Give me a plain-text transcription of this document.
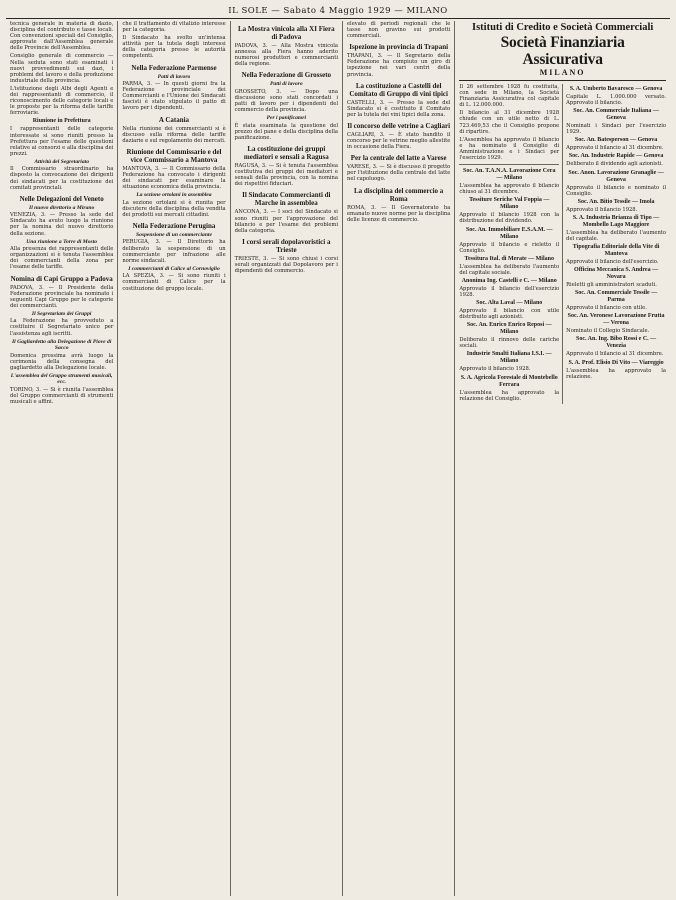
IL SOLE — Sabato 4 Maggio 1929 — MILANO

tecnica generale in materia di dazio, disciplina del contributo e tasse locali. Con convenzioni speciali del Consiglio, approvate dall'Assemblea generale delle Provincie dell'Assemblea.

Consiglio generale di commercio — Nella seduta sono stati esaminati i nuovi provvedimenti sui dazi, i problemi del lavoro e della produzione industriale della provincia.

L'istituzione degli Albi degli Agenti e dei rappresentanti di commercio, il riconoscimento delle categorie locali e le proposte per la riforma delle tariffe ferroviarie.

Riunione in Prefettura

I rappresentanti delle categorie interessate si sono riuniti presso la Prefettura per l'esame delle questioni relative ai consorzi e alla disciplina dei prezzi.

Attività del Segretariato

Il Commissario straordinario ha disposto la convocazione dei dirigenti dei sindacati per la costituzione dei comitati provinciali.

Nelle Delegazioni del Veneto
Il nuovo direttorio a Mirano

VENEZIA, 3. — Presso la sede del Sindacato ha avuto luogo la riunione per la nomina del nuovo direttorio della sezione.

Una riunione a Torre di Mosto

Alla presenza dei rappresentanti delle organizzazioni si è tenuta l'assemblea dei commercianti della zona per l'esame delle tariffe.

Nomina di Capi Gruppo a Padova

PADOVA, 3. — Il Presidente della Federazione provinciale ha nominato i seguenti Capi Gruppo per le categorie dei commercianti.

Il Segretariato dei Gruppi

La Federazione ha provveduto a costituire il Segretariato unico per l'assistenza agli iscritti.

Il Gagliardetto alla Delegazione di Piove di Sacco

Domenica prossima avrà luogo la cerimonia della consegna del gagliardetto alla Delegazione locale.

L'assemblea del Gruppo strumenti musicali, ecc.

TORINO, 3. — Si è riunita l'assemblea del Gruppo commercianti di strumenti musicali e affini.

che il trattamento di vitalizio interesse per la categoria.

Il Sindacato ha svolto un'intensa attività per la tutela degli interessi della categoria presso le autorità competenti.

Nella Federazione Parmense
Patti di lavoro

PARMA, 3. — In questi giorni fra la Federazione provinciale dei Commercianti e l'Unione dei Sindacati fascisti è stato stipulato il patto di lavoro per i dipendenti.

A Catania

Nella riunione dei commercianti si è discusso sulla riforma delle tariffe daziarie e sul regolamento dei mercati.

Riunione del Commissario e del vice Commissario a Mantova

MANTOVA, 3. — Il Commissario della Federazione ha convocato i dirigenti dei sindacati per esaminare la situazione economica della provincia.

La sezione ortolani in assemblea

La sezione ortolani si è riunita per discutere della disciplina della vendita dei prodotti sui mercati cittadini.

Nella Federazione Perugina
Sospensione di un commerciante

PERUGIA, 3. — Il Direttorio ha deliberato la sospensione di un commerciante per infrazione alle norme sindacali.

I commercianti di Calice al Cornoviglio

LA SPEZIA, 3. — Si sono riuniti i commercianti di Calice per la costituzione del gruppo locale.

La Mostra vinicola alla XI Fiera di Padova

PADOVA, 3. — Alla Mostra vinicola annessa alla Fiera hanno aderito numerosi produttori e commercianti della regione.

Nella Federazione di Grosseto
Patti di lavoro

GROSSETO, 3. — Dopo una discussione sono stati concordati i patti di lavoro per i dipendenti del commercio della provincia.

Per i panificatori

È stata esaminata la questione del prezzo del pane e della disciplina della panificazione.

La costituzione dei gruppi mediatori e sensali a Ragusa

RAGUSA, 3. — Si è tenuta l'assemblea costitutiva dei gruppi dei mediatori e sensali della provincia, con la nomina dei rispettivi fiduciari.

Il Sindacato Commercianti di Marche in assemblea

ANCONA, 3. — I soci del Sindacato si sono riuniti per l'approvazione del bilancio e per l'esame dei problemi della categoria.

I corsi serali dopolavoristici a Trieste

TRIESTE, 3. — Si sono chiusi i corsi serali organizzati dal Dopolavoro per i dipendenti del commercio.

elevato di periodi regionali che le tasse non gravino sui prodotti commerciali.

Ispezione in provincia di Trapani

TRAPANI, 3. — Il Segretario della Federazione ha compiuto un giro di ispezione nei vari centri della provincia.

La costituzione a Castelli del Comitato di Gruppo di vini tipici

CASTELLI, 3. — Presso la sede del Sindacato si è costituito il Comitato per la tutela dei vini tipici della zona.

Il concorso delle vetrine a Cagliari

CAGLIARI, 3. — È stato bandito il concorso per le vetrine meglio allestite in occasione della Fiera.

Per la centrale del latte a Varese

VARESE, 3. — Si è discusso il progetto per l'istituzione della centrale del latte nel capoluogo.

La disciplina del commercio a Roma

ROMA, 3. — Il Governatorato ha emanato nuove norme per la disciplina delle licenze di commercio.

Istituti di Credito e Società Commerciali
Società Finanziaria Assicurativa
MILANO

Il 26 settembre 1928 fu costituita, con sede in Milano, la Società Finanziaria Assicurativa col capitale di L. 12.000.000.

Il bilancio al 31 dicembre 1928 chiude con un utile netto di L. 723.469,53 che il Consiglio propone di ripartire.

L'Assemblea ha approvato il bilancio e ha nominato il Consiglio di Amministrazione e i Sindaci per l'esercizio 1929.

Soc. An. T.A.N.A. Lavorazione Cera — Milano

L'assemblea ha approvato il bilancio chiuso al 31 dicembre.

Tessiture Seriche Val Foppia — Milano

Approvato il bilancio 1928 con la distribuzione del dividendo.

Soc. An. Immobiliare E.S.A.M. — Milano

Approvato il bilancio e rieletto il Consiglio.

Tessitura Ital. di Merate — Milano

L'assemblea ha deliberato l'aumento del capitale sociale.

Anonima Ing. Castelli e C. — Milano

Approvato il bilancio dell'esercizio 1928.

Soc. Alta Laval — Milano

Approvato il bilancio con utile distribuito agli azionisti.

Soc. An. Enrico Enrico Reposi — Milano

Deliberato il rinnovo delle cariche sociali.

Industrie Smalti Italiana I.S.I. — Milano

Approvato il bilancio 1928.

S. A. Agricola Forestale di Montebello Ferrara

L'assemblea ha approvato la relazione del Consiglio.

S. A. Umberto Bavaresco — Genova

Capitale L. 1.000.000 versato. Approvato il bilancio.

Soc. An. Commerciale Italiana — Genova

Nominati i Sindaci per l'esercizio 1929.

Soc. An. Batesperson — Genova

Approvato il bilancio al 31 dicembre.

Soc. An. Industrie Rapide — Genova

Deliberato il dividendo agli azionisti.

Soc. Anon. Lavorazione Granaglie — Genova

Approvato il bilancio e nominato il Consiglio.

Soc. An. Bitio Tessile — Imola

Approvato il bilancio 1928.

S. A. Industria Brianza di Tipo — Mombello Lago Maggiore

L'assemblea ha deliberato l'aumento del capitale.

Tipografia Editoriale della Vite di Mantova

Approvato il bilancio dell'esercizio.

Officina Meccanica S. Andrea — Novara

Rieletti gli amministratori scaduti.

Soc. An. Commerciale Tessile — Parma

Approvato il bilancio con utile.

Soc. An. Veronese Lavorazione Frutta — Verona

Nominato il Collegio Sindacale.

Soc. An. Ing. Bibo Rossi e C. — Venezia

Approvato il bilancio al 31 dicembre.

S. A. Prof. Elisio Di Vito — Viareggio

L'assemblea ha approvato la relazione.
